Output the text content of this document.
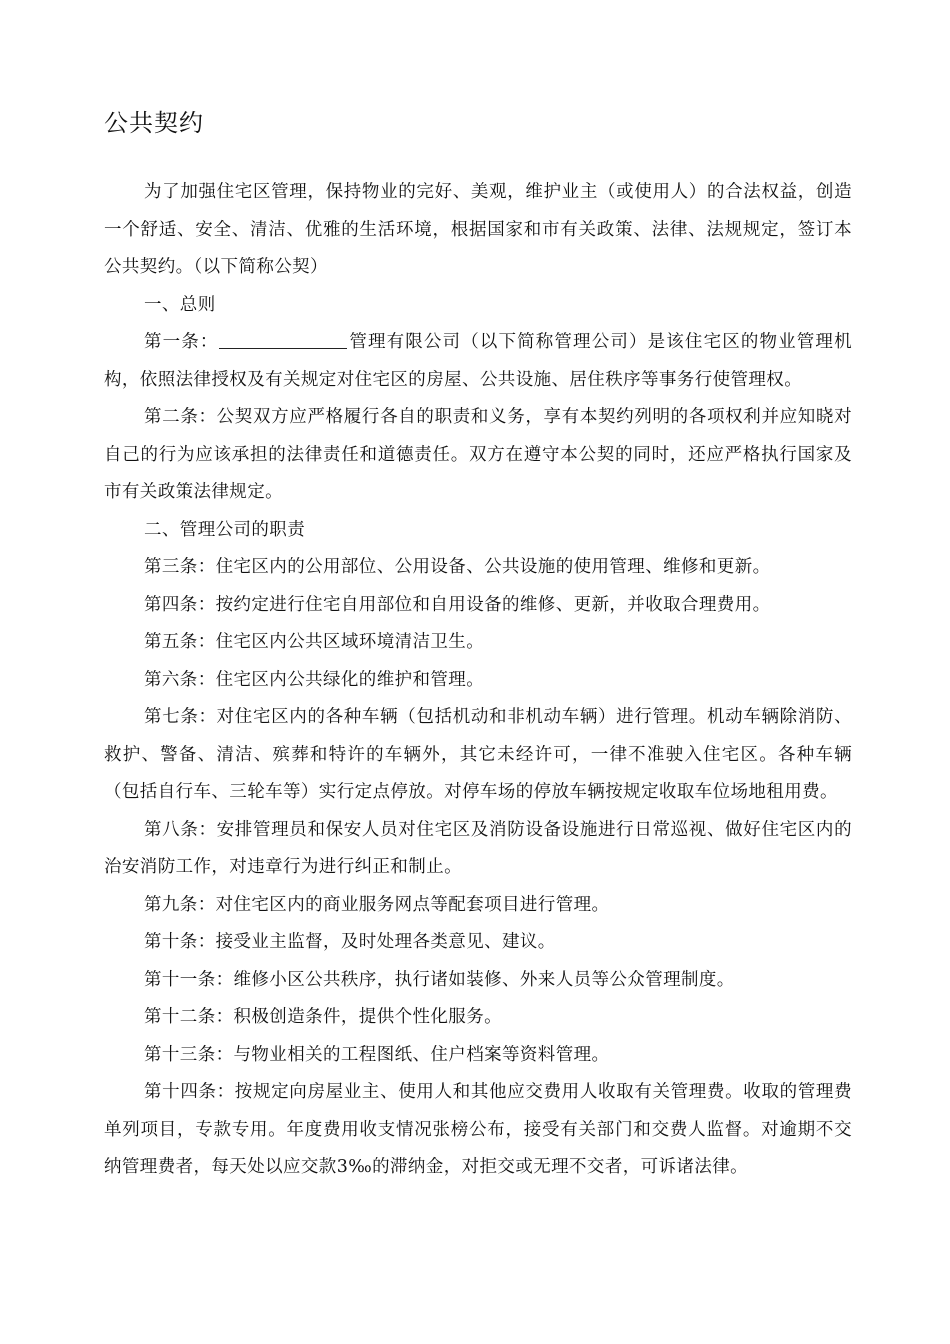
公共契约

为了加强住宅区管理，保持物业的完好、美观，维护业主（或使用人）的合法权益，创造一个舒适、安全、清洁、优雅的生活环境，根据国家和市有关政策、法律、法规规定，签订本公共契约。（以下简称公契）

一、总则

第一条：	管理有限公司（以下简称管理公司）是该住宅区的物业管理机构，依照法律授权及有关规定对住宅区的房屋、公共设施、居住秩序等事务行使管理权。

第二条：公契双方应严格履行各自的职责和义务，享有本契约列明的各项权利并应知晓对自己的行为应该承担的法律责任和道德责任。双方在遵守本公契的同时，还应严格执行国家及市有关政策法律规定。

二、管理公司的职责

第三条：住宅区内的公用部位、公用设备、公共设施的使用管理、维修和更新。

第四条：按约定进行住宅自用部位和自用设备的维修、更新，并收取合理费用。

第五条：住宅区内公共区域环境清洁卫生。

第六条：住宅区内公共绿化的维护和管理。

第七条：对住宅区内的各种车辆（包括机动和非机动车辆）进行管理。机动车辆除消防、救护、警备、清洁、殡葬和特许的车辆外，其它未经许可，一律不准驶入住宅区。各种车辆（包括自行车、三轮车等）实行定点停放。对停车场的停放车辆按规定收取车位场地租用费。

第八条：安排管理员和保安人员对住宅区及消防设备设施进行日常巡视、做好住宅区内的治安消防工作，对违章行为进行纠正和制止。

第九条：对住宅区内的商业服务网点等配套项目进行管理。

第十条：接受业主监督，及时处理各类意见、建议。

第十一条：维修小区公共秩序，执行诸如装修、外来人员等公众管理制度。

第十二条：积极创造条件，提供个性化服务。

第十三条：与物业相关的工程图纸、住户档案等资料管理。

第十四条：按规定向房屋业主、使用人和其他应交费用人收取有关管理费。收取的管理费单列项目，专款专用。年度费用收支情况张榜公布，接受有关部门和交费人监督。对逾期不交纳管理费者，每天处以应交款3‰的滞纳金，对拒交或无理不交者，可诉诸法律。
